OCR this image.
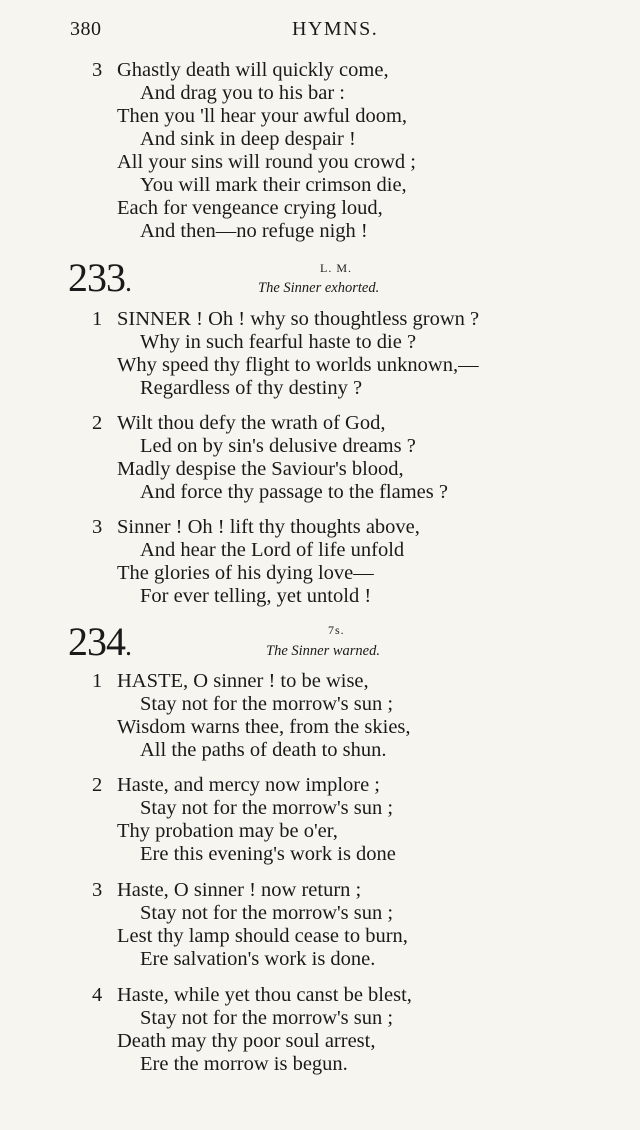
380	HYMNS.
3 Ghastly death will quickly come,
And drag you to his bar :
Then you 'll hear your awful doom,
And sink in deep despair !
All your sins will round you crowd ;
You will mark their crimson die,
Each for vengeance crying loud,
And then—no refuge nigh !
233.	L. M.
The Sinner exhorted.
1 SINNER ! Oh ! why so thoughtless grown ?
Why in such fearful haste to die ?
Why speed thy flight to worlds unknown,—
Regardless of thy destiny ?
2 Wilt thou defy the wrath of God,
Led on by sin's delusive dreams ?
Madly despise the Saviour's blood,
And force thy passage to the flames ?
3 Sinner ! Oh ! lift thy thoughts above,
And hear the Lord of life unfold
The glories of his dying love—
For ever telling, yet untold !
234.
7s.
The Sinner warned.
1 HASTE, O sinner ! to be wise,
Stay not for the morrow's sun ;
Wisdom warns thee, from the skies,
All the paths of death to shun.
2 Haste, and mercy now implore ;
Stay not for the morrow's sun ;
Thy probation may be o'er,
Ere this evening's work is done
3 Haste, O sinner ! now return ;
Stay not for the morrow's sun ;
Lest thy lamp should cease to burn,
Ere salvation's work is done.
4 Haste, while yet thou canst be blest,
Stay not for the morrow's sun ;
Death may thy poor soul arrest,
Ere the morrow is begun.
